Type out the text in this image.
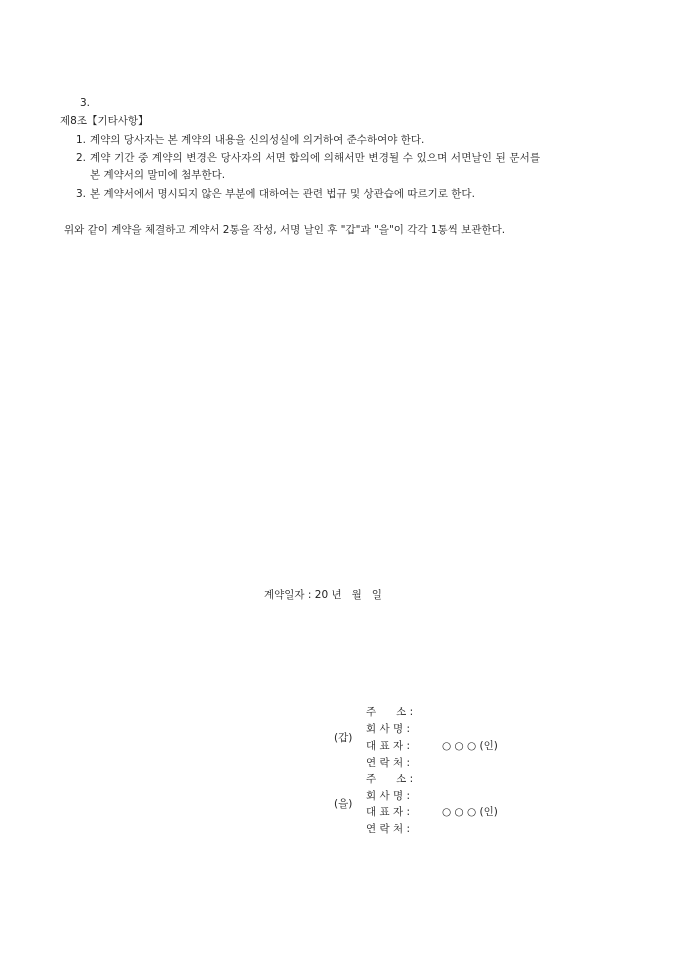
3.
제8조【기타사항】
1. 계약의 당사자는 본 계약의 내용을 신의성실에 의거하여 준수하여야 한다.
2. 계약 기간 중 계약의 변경은 당사자의 서면 합의에 의해서만 변경될 수 있으며 서면날인 된 문서를
본 계약서의 말미에 첨부한다.
3. 본 계약서에서 명시되지 않은 부분에 대하여는 관련 법규 및 상관습에 따르기로 한다.
위와 같이 계약을 체결하고 계약서 2통을 작성, 서명 날인 후 "갑"과 "을"이 각각 1통씩 보관한다.
계약일자 : 20 년   월   일
(갑)
주      소 :
회 사 명 :
대 표 자 :	○ ○ ○ (인)
연 락 처 :
(을)
주      소 :
회 사 명 :
대 표 자 :	○ ○ ○ (인)
연 락 처 :
